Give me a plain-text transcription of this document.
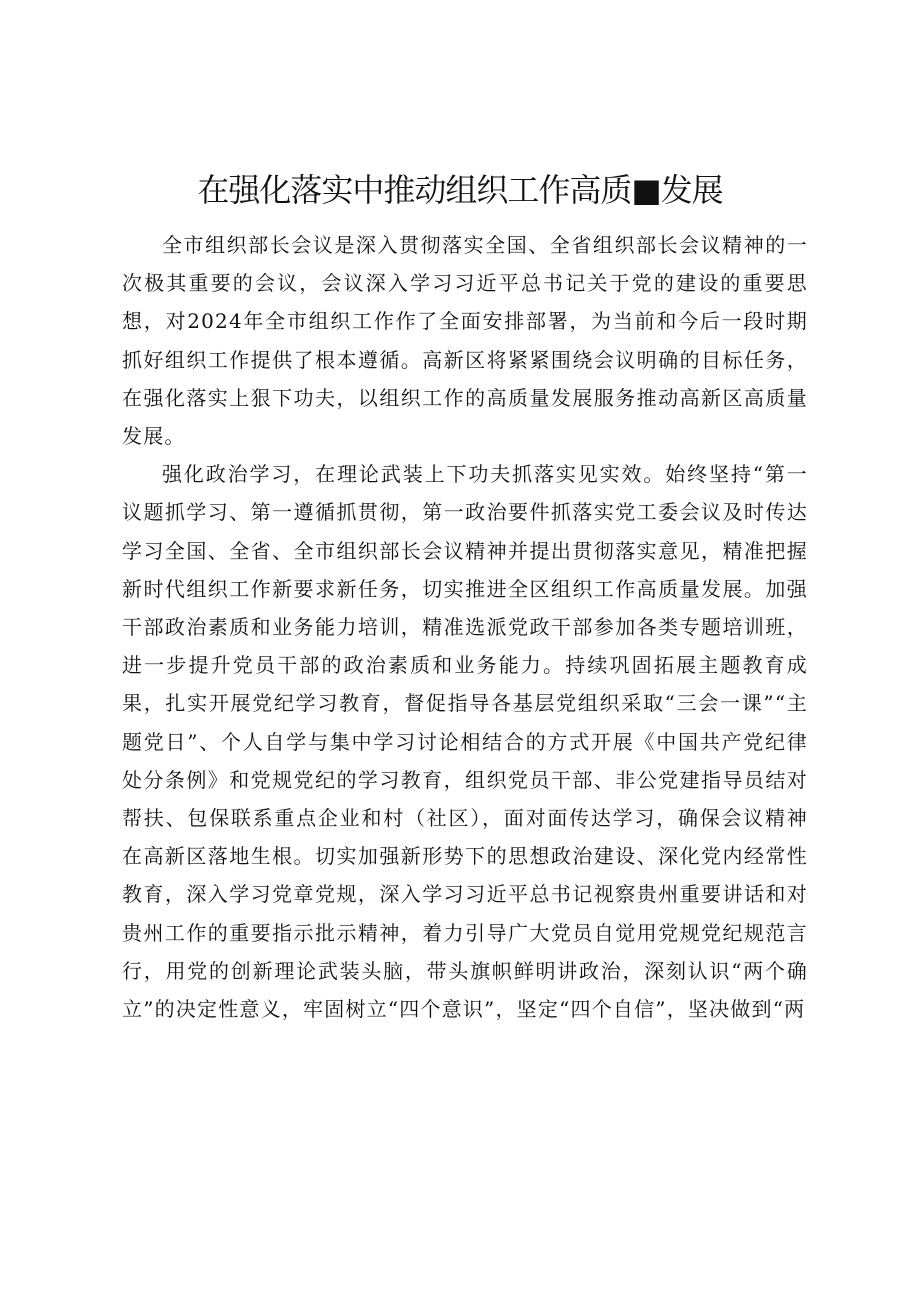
在强化落实中推动组织工作高质■发展

全市组织部长会议是深入贯彻落实全国、全省组织部长会议精神的一次极其重要的会议，会议深入学习习近平总书记关于党的建设的重要思想，对2024年全市组织工作作了全面安排部署，为当前和今后一段时期抓好组织工作提供了根本遵循。高新区将紧紧围绕会议明确的目标任务，在强化落实上狠下功夫，以组织工作的高质量发展服务推动高新区高质量发展。

强化政治学习，在理论武装上下功夫抓落实见实效。始终坚持“第一议题抓学习、第一遵循抓贯彻，第一政治要件抓落实党工委会议及时传达学习全国、全省、全市组织部长会议精神并提出贯彻落实意见，精准把握新时代组织工作新要求新任务，切实推进全区组织工作高质量发展。加强干部政治素质和业务能力培训，精准选派党政干部参加各类专题培训班，进一步提升党员干部的政治素质和业务能力。持续巩固拓展主题教育成果，扎实开展党纪学习教育，督促指导各基层党组织采取“三会一课”“主题党日”、个人自学与集中学习讨论相结合的方式开展《中国共产党纪律处分条例》和党规党纪的学习教育，组织党员干部、非公党建指导员结对帮扶、包保联系重点企业和村（社区），面对面传达学习，确保会议精神在高新区落地生根。切实加强新形势下的思想政治建设、深化党内经常性教育，深入学习党章党规，深入学习习近平总书记视察贵州重要讲话和对贵州工作的重要指示批示精神，着力引导广大党员自觉用党规党纪规范言行，用党的创新理论武装头脑，带头旗帜鲜明讲政治，深刻认识“两个确立”的决定性意义，牢固树立“四个意识”，坚定“四个自信”，坚决做到“两
